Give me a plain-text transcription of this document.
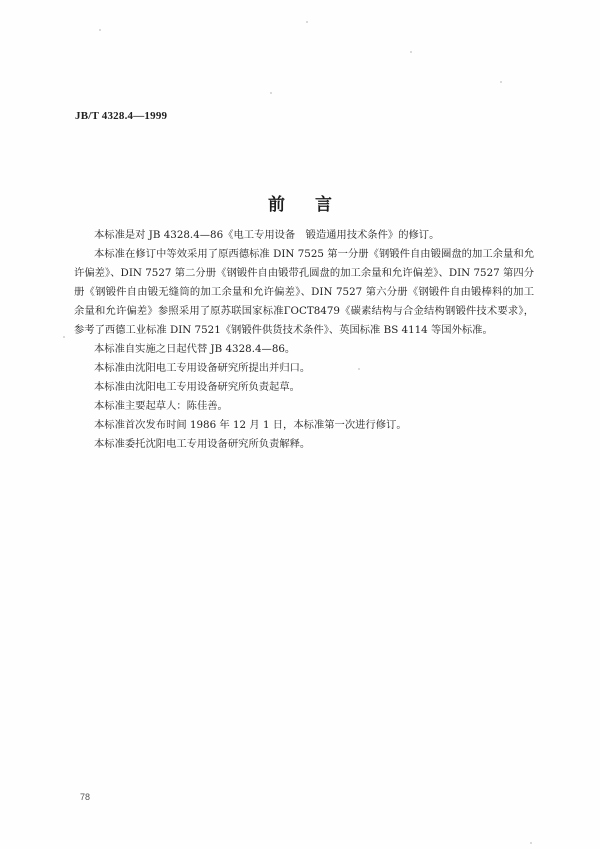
JB/T 4328.4—1999
前 言

本标准是对 JB 4328.4—86《电工专用设备　锻造通用技术条件》的修订。

本标准在修订中等效采用了原西德标准 DIN 7525 第一分册《钢锻件自由锻圈盘的加工余量和允许偏差》、DIN 7527 第二分册《钢锻件自由锻带孔圆盘的加工余量和允许偏差》、DIN 7527 第四分册《钢锻件自由锻无缝筒的加工余量和允许偏差》、DIN 7527 第六分册《钢锻件自由锻棒料的加工余量和允许偏差》参照采用了原苏联国家标准ГOCT8479《碳素结构与合金结构钢锻件技术要求》，参考了西德工业标准 DIN 7521《钢锻件供货技术条件》、英国标准 BS 4114 等国外标准。

本标准自实施之日起代替 JB 4328.4—86。

本标准由沈阳电工专用设备研究所提出并归口。

本标准由沈阳电工专用设备研究所负责起草。

本标准主要起草人：陈佳善。

本标准首次发布时间 1986 年 12 月 1 日，本标准第一次进行修订。

本标准委托沈阳电工专用设备研究所负责解释。

78
